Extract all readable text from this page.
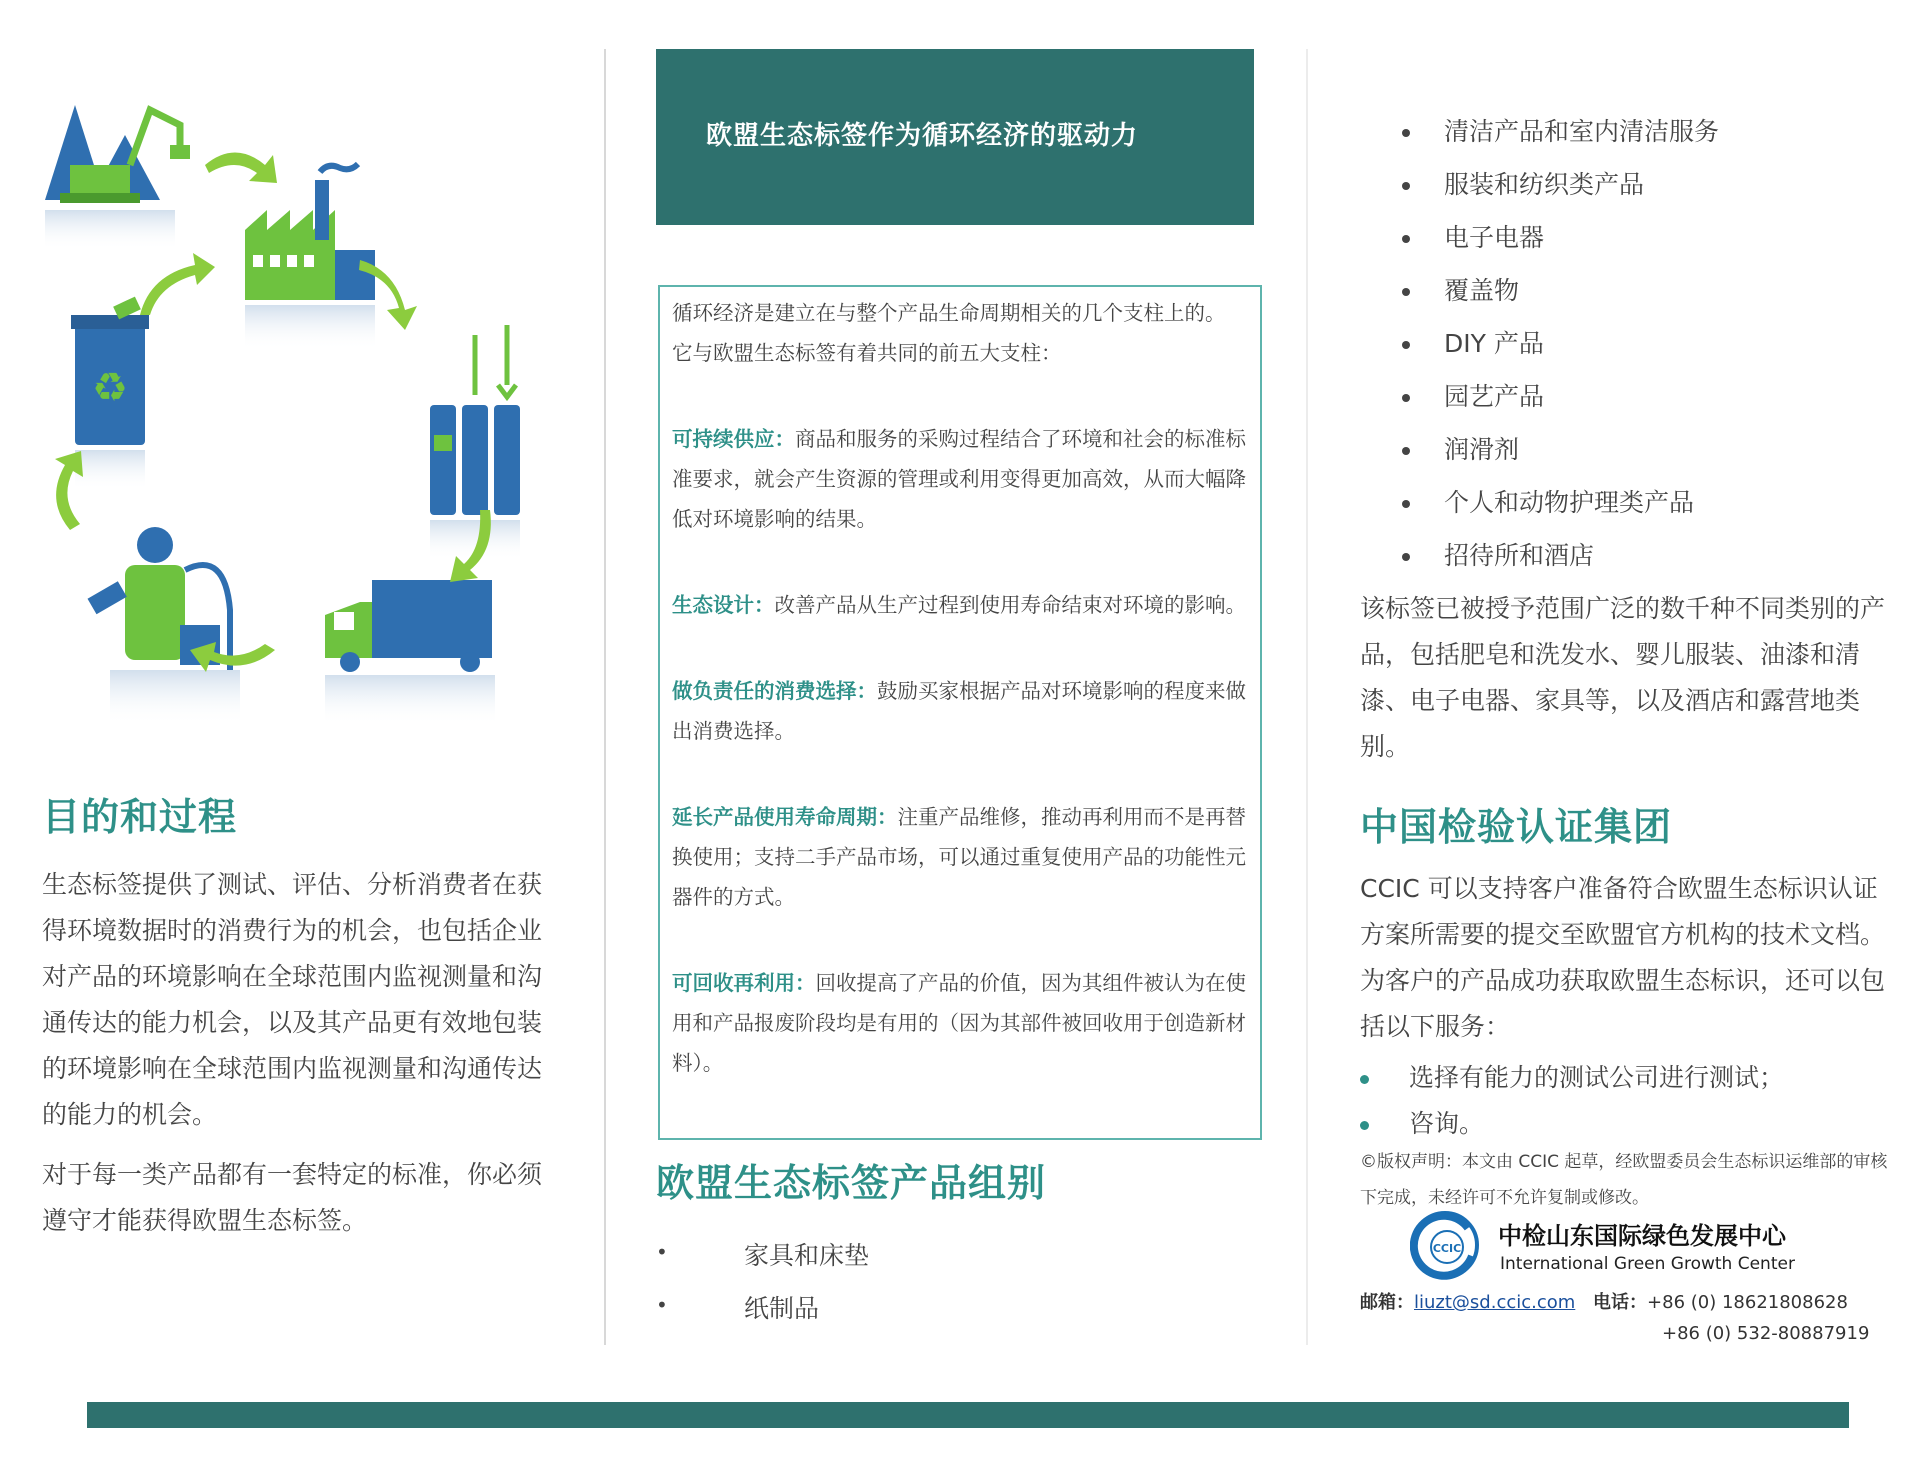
♻
目的和过程

生态标签提供了测试、评估、分析消费者在获得环境数据时的消费行为的机会，也包括企业对产品的环境影响在全球范围内监视测量和沟通传达的能力机会，以及其产品更有效地包装的环境影响在全球范围内监视测量和沟通传达的能力的机会。

对于每一类产品都有一套特定的标准，你必须遵守才能获得欧盟生态标签。

欧盟生态标签作为循环经济的驱动力

循环经济是建立在与整个产品生命周期相关的几个支柱上的。

它与欧盟生态标签有着共同的前五大支柱：

可持续供应：商品和服务的采购过程结合了环境和社会的标准标准要求，就会产生资源的管理或利用变得更加高效，从而大幅降低对环境影响的结果。

生态设计：改善产品从生产过程到使用寿命结束对环境的影响。

做负责任的消费选择：鼓励买家根据产品对环境影响的程度来做出消费选择。

延长产品使用寿命周期：注重产品维修，推动再利用而不是再替换使用；支持二手产品市场，可以通过重复使用产品的功能性元器件的方式。

可回收再利用：回收提高了产品的价值，因为其组件被认为在使用和产品报废阶段均是有用的（因为其部件被回收用于创造新材料）。

欧盟生态标签产品组别
•	家具和床垫
•	纸制品
清洁产品和室内清洁服务
服装和纺织类产品
电子电器
覆盖物
DIY 产品
园艺产品
润滑剂
个人和动物护理类产品
招待所和酒店

该标签已被授予范围广泛的数千种不同类别的产品，包括肥皂和洗发水、婴儿服装、油漆和清漆、电子电器、家具等，以及酒店和露营地类别。

中国检验认证集团

CCIC 可以支持客户准备符合欧盟生态标识认证方案所需要的提交至欧盟官方机构的技术文档。为客户的产品成功获取欧盟生态标识，还可以包括以下服务：

选择有能力的测试公司进行测试；
咨询。

©版权声明：本文由 CCIC 起草，经欧盟委员会生态标识运维部的审核下完成，未经许可不允许复制或修改。

CCIC 中检山东国际绿色发展中心
International Green Growth Center
邮箱：liuzt@sd.ccic.com 电话：+86 (0) 18621808628
+86 (0) 532-80887919
